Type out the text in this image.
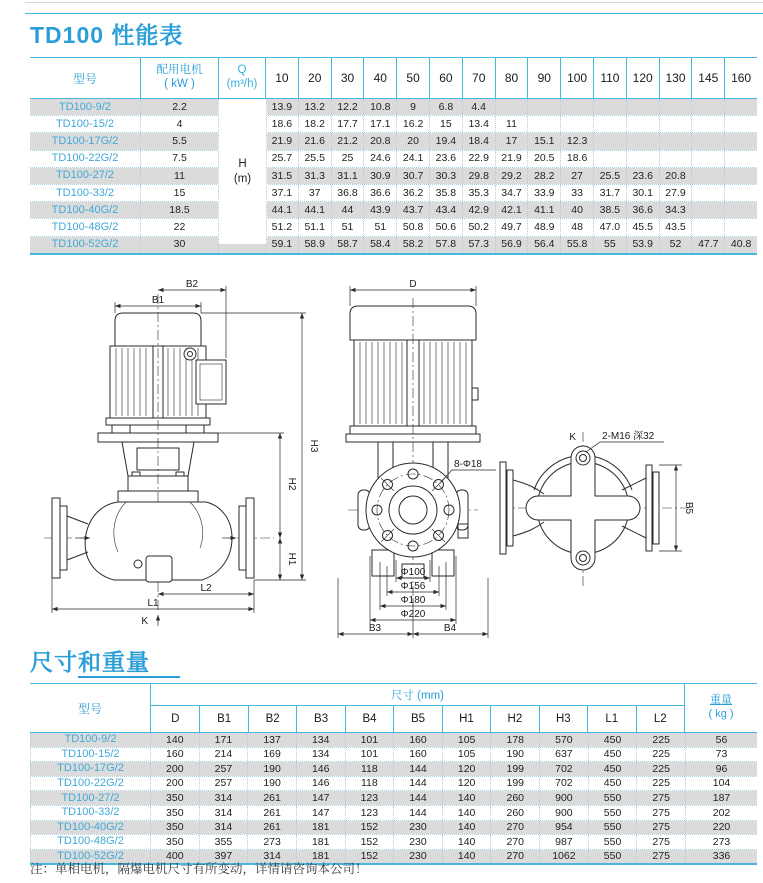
TD100 性能表
型号
配用电机
( kW )
Q
(m³/h)	10	20	30	40	50	60	70	80	90	100	110	120	130	145	160
TD100-9/2	2.2	13.9	13.2	12.2	10.8	9	6.8	4.4
TD100-15/2	4	18.6	18.2	17.7	17.1	16.2	15	13.4	11
TD100-17G/2	5.5	21.9	21.6	21.2	20.8	20	19.4	18.4	17	15.1	12.3
TD100-22G/2	7.5	25.7	25.5	25	24.6	24.1	23.6	22.9	21.9	20.5	18.6
TD100-27/2	11	31.5	31.3	31.1	30.9	30.7	30.3	29.8	29.2	28.2	27	25.5	23.6	20.8
TD100-33/2	15	37.1	37	36.8	36.6	36.2	35.8	35.3	34.7	33.9	33	31.7	30.1	27.9
TD100-40G/2	18.5	44.1	44.1	44	43.9	43.7	43.4	42.9	42.1	41.1	40	38.5	36.6	34.3
TD100-48G/2	22	51.2	51.1	51	51	50.8	50.6	50.2	49.7	48.9	48	47.0	45.5	43.5
TD100-52G/2	30	59.1	58.9	58.7	58.4	58.2	57.8	57.3	56.9	56.4	55.8	55	53.9	52	47.7	40.8
H
(m)
B2
B1
H3
H2
H1
L2
L1
K
8-Φ18
D
Φ100
Φ156
Φ180
Φ220
B3	B4
K	2-M16 深32
B5
尺寸和重量
型号
尺寸 (mm)
D	B1	B2	B3	B4	B5	H1	H2	H3	L1	L2
重量
( kg )
TD100-9/2	140	171	137	134	101	160	105	178	570	450	225	56
TD100-15/2	160	214	169	134	101	160	105	190	637	450	225	73
TD100-17G/2	200	257	190	146	118	144	120	199	702	450	225	96
TD100-22G/2	200	257	190	146	118	144	120	199	702	450	225	104
TD100-27/2	350	314	261	147	123	144	140	260	900	550	275	187
TD100-33/2	350	314	261	147	123	144	140	260	900	550	275	202
TD100-40G/2	350	314	261	181	152	230	140	270	954	550	275	220
TD100-48G/2	350	355	273	181	152	230	140	270	987	550	275	273
TD100-52G/2	400	397	314	181	152	230	140	270	1062	550	275	336
注：单相电机，隔爆电机尺寸有所变动，详情请咨询本公司！
